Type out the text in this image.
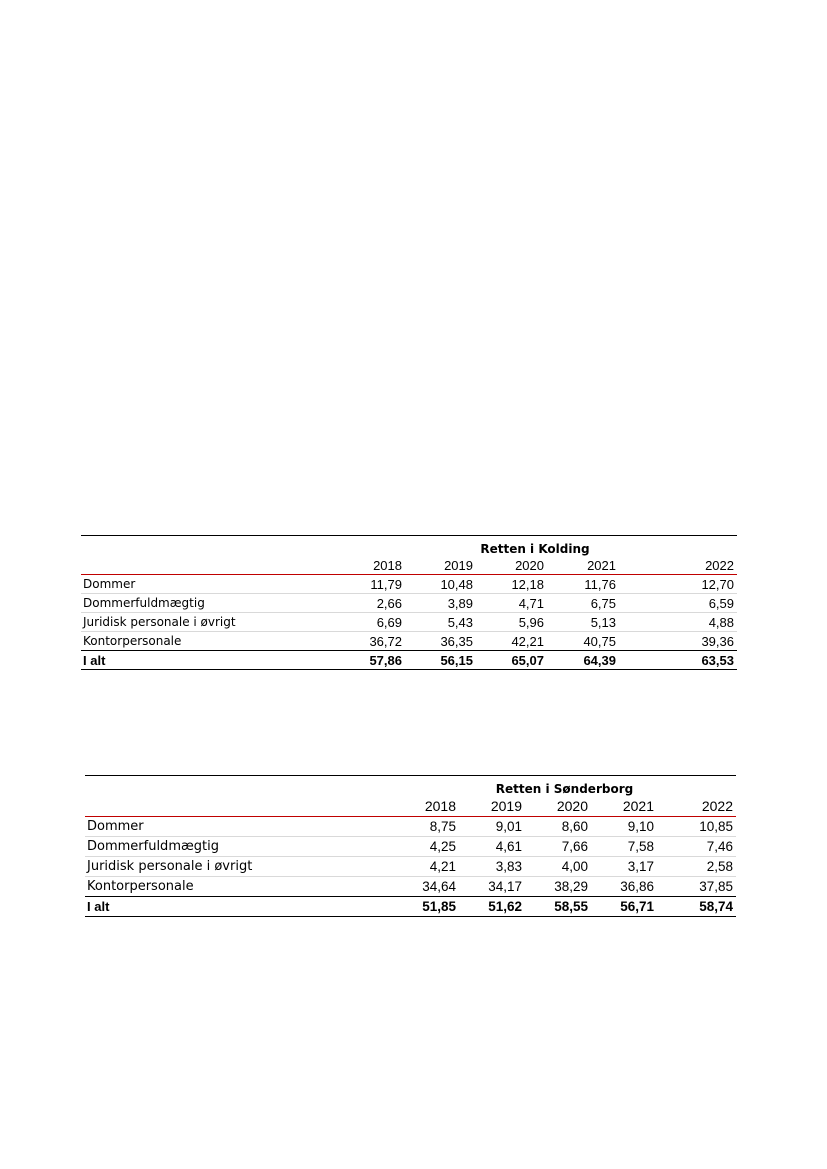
	Retten i Kolding				
	2018	2019	2020	2021	2022
Dommer	11,79	10,48	12,18	11,76	12,70
Dommerfuldmægtig	2,66	3,89	4,71	6,75	6,59
Juridisk personale i øvrigt	6,69	5,43	5,96	5,13	4,88
Kontorpersonale	36,72	36,35	42,21	40,75	39,36
I alt	57,86	56,15	65,07	64,39	63,53
	Retten i Sønderborg				
	2018	2019	2020	2021	2022
Dommer	8,75	9,01	8,60	9,10	10,85
Dommerfuldmægtig	4,25	4,61	7,66	7,58	7,46
Juridisk personale i øvrigt	4,21	3,83	4,00	3,17	2,58
Kontorpersonale	34,64	34,17	38,29	36,86	37,85
I alt	51,85	51,62	58,55	56,71	58,74
